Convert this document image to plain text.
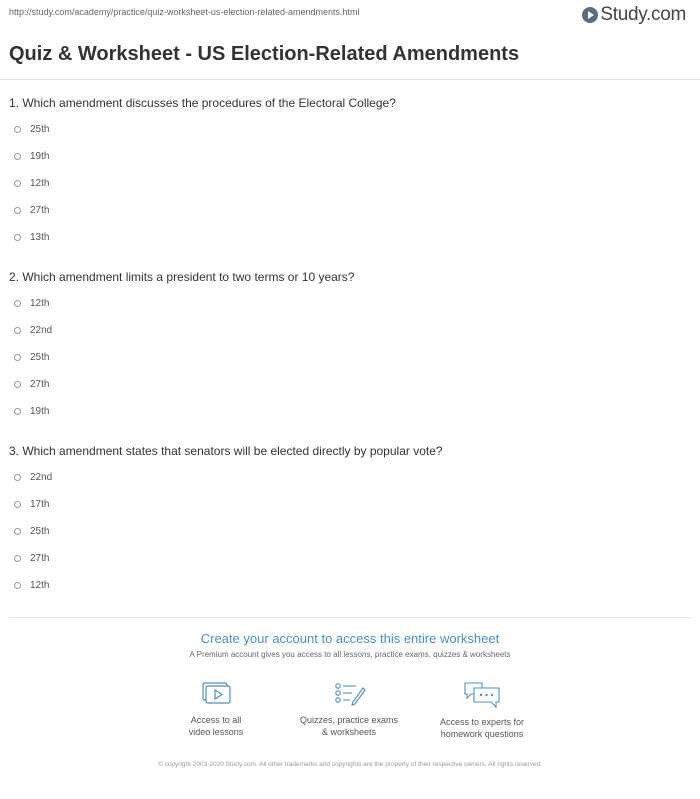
http://study.com/academy/practice/quiz-worksheet-us-election-related-amendments.html	Study.com
Quiz & Worksheet - US Election-Related Amendments

1. Which amendment discusses the procedures of the Electoral College?

25th
19th
12th
27th
13th

2. Which amendment limits a president to two terms or 10 years?

12th
22nd
25th
27th
19th

3. Which amendment states that senators will be elected directly by popular vote?

22nd
17th
25th
27th
12th
Create your account to access this entire worksheet
A Premium account gives you access to all lessons, practice exams, quizzes & worksheets
Access to all
video lessons
Quizzes, practice exams
& worksheets
Access to experts for
homework questions
© copyright 2003-2020 Study.com. All other trademarks and copyrights are the property of their respective owners. All rights reserved.
